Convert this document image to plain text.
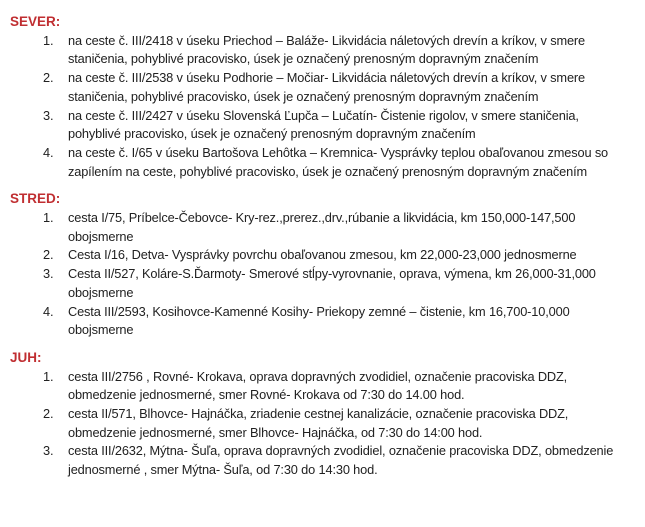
SEVER:
1.	na ceste č. III/2418 v úseku Priechod – Baláže- Likvidácia náletových drevín a kríkov, v smere staničenia, pohyblivé pracovisko, úsek je označený prenosným dopravným značením
2.	na ceste č. III/2538 v úseku Podhorie – Močiar- Likvidácia náletových drevín a kríkov, v smere staničenia, pohyblivé pracovisko, úsek je označený prenosným dopravným značením
3.	na ceste č. III/2427 v úseku Slovenská Ľupča – Lučatín- Čistenie rigolov, v smere staničenia, pohyblivé pracovisko, úsek je označený prenosným dopravným značením
4.	na ceste č. I/65 v úseku Bartošova Lehôtka – Kremnica- Vysprávky teplou obaľovanou zmesou so zapílením na ceste, pohyblivé pracovisko, úsek je označený prenosným dopravným značením
STRED:
1.	cesta I/75, Príbelce-Čebovce- Kry-rez.,prerez.,drv.,rúbanie a likvidácia, km 150,000-147,500 obojsmerne
2.	Cesta I/16, Detva- Vysprávky povrchu obaľovanou zmesou, km 22,000-23,000 jednosmerne
3.	Cesta II/527, Koláre-S.Ďarmoty- Smerové stĺpy-vyrovnanie, oprava, výmena, km 26,000-31,000  obojsmerne
4.	Cesta III/2593, Kosihovce-Kamenné Kosihy- Priekopy zemné – čistenie, km 16,700-10,000 obojsmerne
JUH:
1.	cesta III/2756 , Rovné- Krokava, oprava dopravných zvodidiel, označenie pracoviska DDZ, obmedzenie jednosmerné, smer Rovné- Krokava od 7:30 do 14.00 hod.
2.	cesta II/571, Blhovce- Hajnáčka, zriadenie cestnej kanalizácie, označenie pracoviska DDZ, obmedzenie jednosmerné, smer Blhovce- Hajnáčka, od 7:30 do 14:00 hod.
3.	cesta III/2632, Mýtna- Šuľa, oprava dopravných zvodidiel, označenie pracoviska DDZ, obmedzenie jednosmerné , smer Mýtna- Šuľa, od 7:30 do 14:30 hod.
